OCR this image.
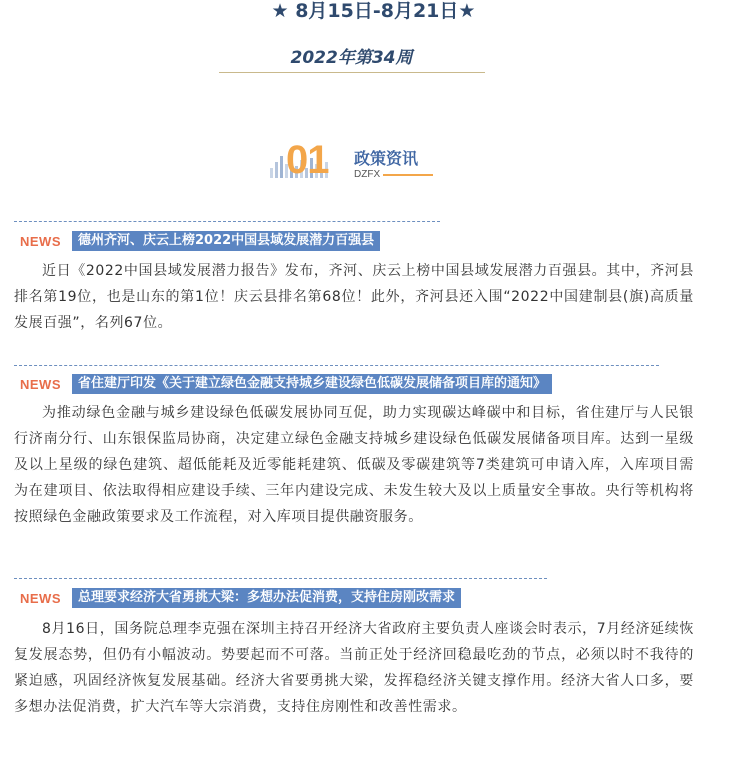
★ 8月15日-8月21日★
2022年第34周
01 政策资讯
DZFX
NEWS	德州齐河、庆云上榜2022中国县域发展潜力百强县

近日《2022中国县域发展潜力报告》发布，齐河、庆云上榜中国县域发展潜力百强县。其中，齐河县排名第19位，也是山东的第1位！庆云县排名第68位！此外，齐河县还入围“2022中国建制县(旗)高质量发展百强”，名列67位。

NEWS	省住建厅印发《关于建立绿色金融支持城乡建设绿色低碳发展储备项目库的通知》

为推动绿色金融与城乡建设绿色低碳发展协同互促，助力实现碳达峰碳中和目标，省住建厅与人民银行济南分行、山东银保监局协商，决定建立绿色金融支持城乡建设绿色低碳发展储备项目库。达到一星级及以上星级的绿色建筑、超低能耗及近零能耗建筑、低碳及零碳建筑等7类建筑可申请入库，入库项目需为在建项目、依法取得相应建设手续、三年内建设完成、未发生较大及以上质量安全事故。央行等机构将按照绿色金融政策要求及工作流程，对入库项目提供融资服务。

NEWS	总理要求经济大省勇挑大梁：多想办法促消费，支持住房刚改需求

8月16日，国务院总理李克强在深圳主持召开经济大省政府主要负责人座谈会时表示，7月经济延续恢复发展态势，但仍有小幅波动。势要起而不可落。当前正处于经济回稳最吃劲的节点，必须以时不我待的紧迫感，巩固经济恢复发展基础。经济大省要勇挑大梁，发挥稳经济关键支撑作用。经济大省人口多，要多想办法促消费，扩大汽车等大宗消费，支持住房刚性和改善性需求。
